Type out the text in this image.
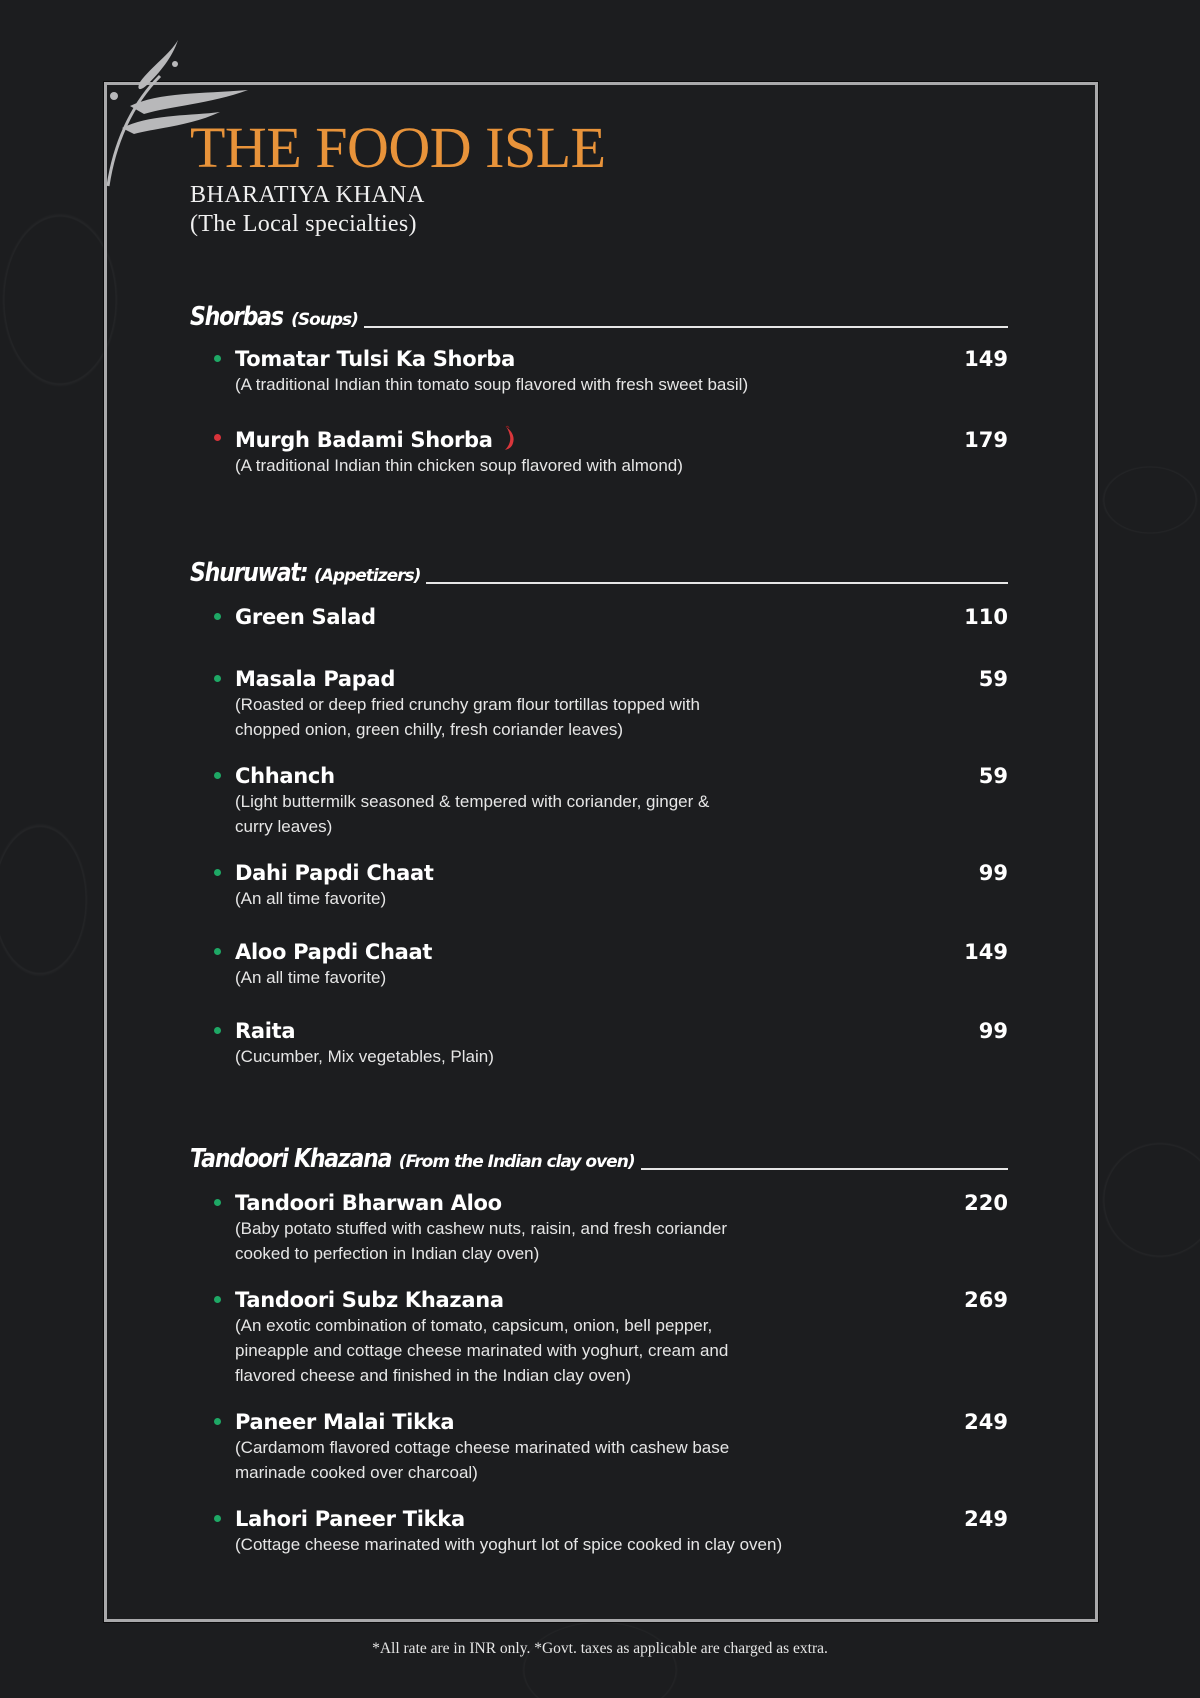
THE FOOD ISLE
BHARATIYA KHANA
(The Local specialties)
Shorbas (Soups)
Tomatar Tulsi Ka Shorba	149
(A traditional Indian thin tomato soup flavored with fresh sweet basil)
Murgh Badami Shorba	179
(A traditional Indian thin chicken soup flavored with almond)
Shuruwat: (Appetizers)
Green Salad	110
Masala Papad	59
(Roasted or deep fried crunchy gram flour tortillas topped with
chopped onion, green chilly, fresh coriander leaves)
Chhanch	59
(Light buttermilk seasoned & tempered with coriander, ginger &
curry leaves)
Dahi Papdi Chaat	99
(An all time favorite)
Aloo Papdi Chaat	149
(An all time favorite)
Raita	99
(Cucumber, Mix vegetables, Plain)
Tandoori Khazana (From the Indian clay oven)
Tandoori Bharwan Aloo	220
(Baby potato stuffed with cashew nuts, raisin, and fresh coriander
cooked to perfection in Indian clay oven)
Tandoori Subz Khazana	269
(An exotic combination of tomato, capsicum, onion, bell pepper,
pineapple and cottage cheese marinated with yoghurt, cream and
flavored cheese and finished in the Indian clay oven)
Paneer Malai Tikka	249
(Cardamom flavored cottage cheese marinated with cashew base
marinade cooked over charcoal)
Lahori Paneer Tikka	249
(Cottage cheese marinated with yoghurt lot of spice cooked in clay oven)
*All rate are in INR only. *Govt. taxes as applicable are charged as extra.
